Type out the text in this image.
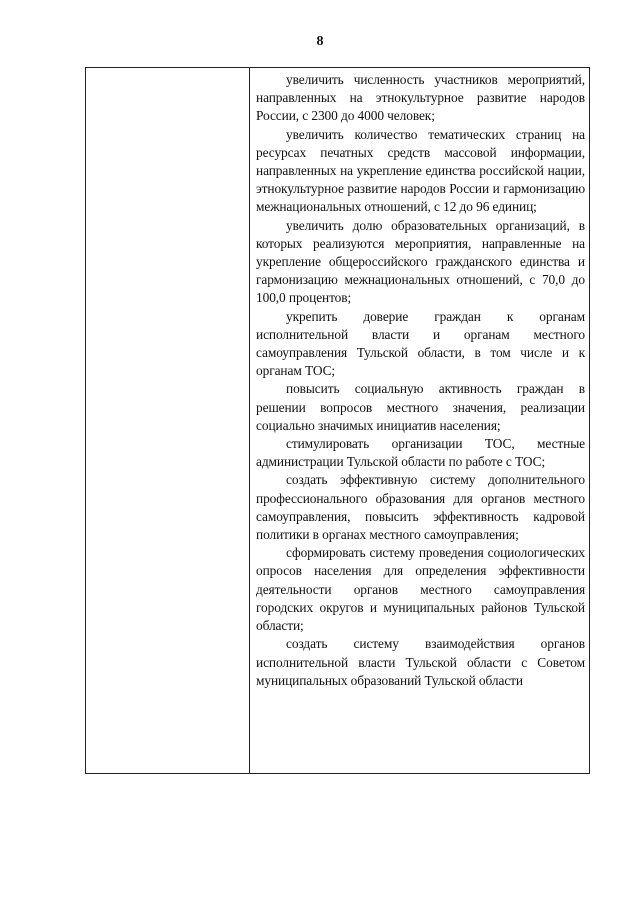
8

увеличить численность участников мероприятий, направленных на этнокультурное развитие народов России, с 2300 до 4000 человек;

увеличить количество тематических страниц на ресурсах печатных средств массовой информации, направленных на укрепление единства российской нации, этнокультурное развитие народов России и гармонизацию межнациональных отношений, с 12 до 96 единиц;

увеличить долю образовательных организаций, в которых реализуются мероприятия, направленные на укрепление общероссийского гражданского единства и гармонизацию межнациональных отношений, с 70,0 до 100,0 процентов;

укрепить доверие граждан к органам исполнительной власти и органам местного самоуправления Тульской области, в том числе и к органам ТОС;

повысить социальную активность граждан в решении вопросов местного значения, реализации социально значимых инициатив населения;

стимулировать организации ТОС, местные администрации Тульской области по работе с ТОС;

создать эффективную систему дополнительного профессионального образования для органов местного самоуправления, повысить эффективность кадровой политики в органах местного самоуправления;

сформировать систему проведения социологических опросов населения для определения эффективности деятельности органов местного самоуправления городских округов и муниципальных районов Тульской области;

создать систему взаимодействия органов исполнительной власти Тульской области с Советом муниципальных образований Тульской области
